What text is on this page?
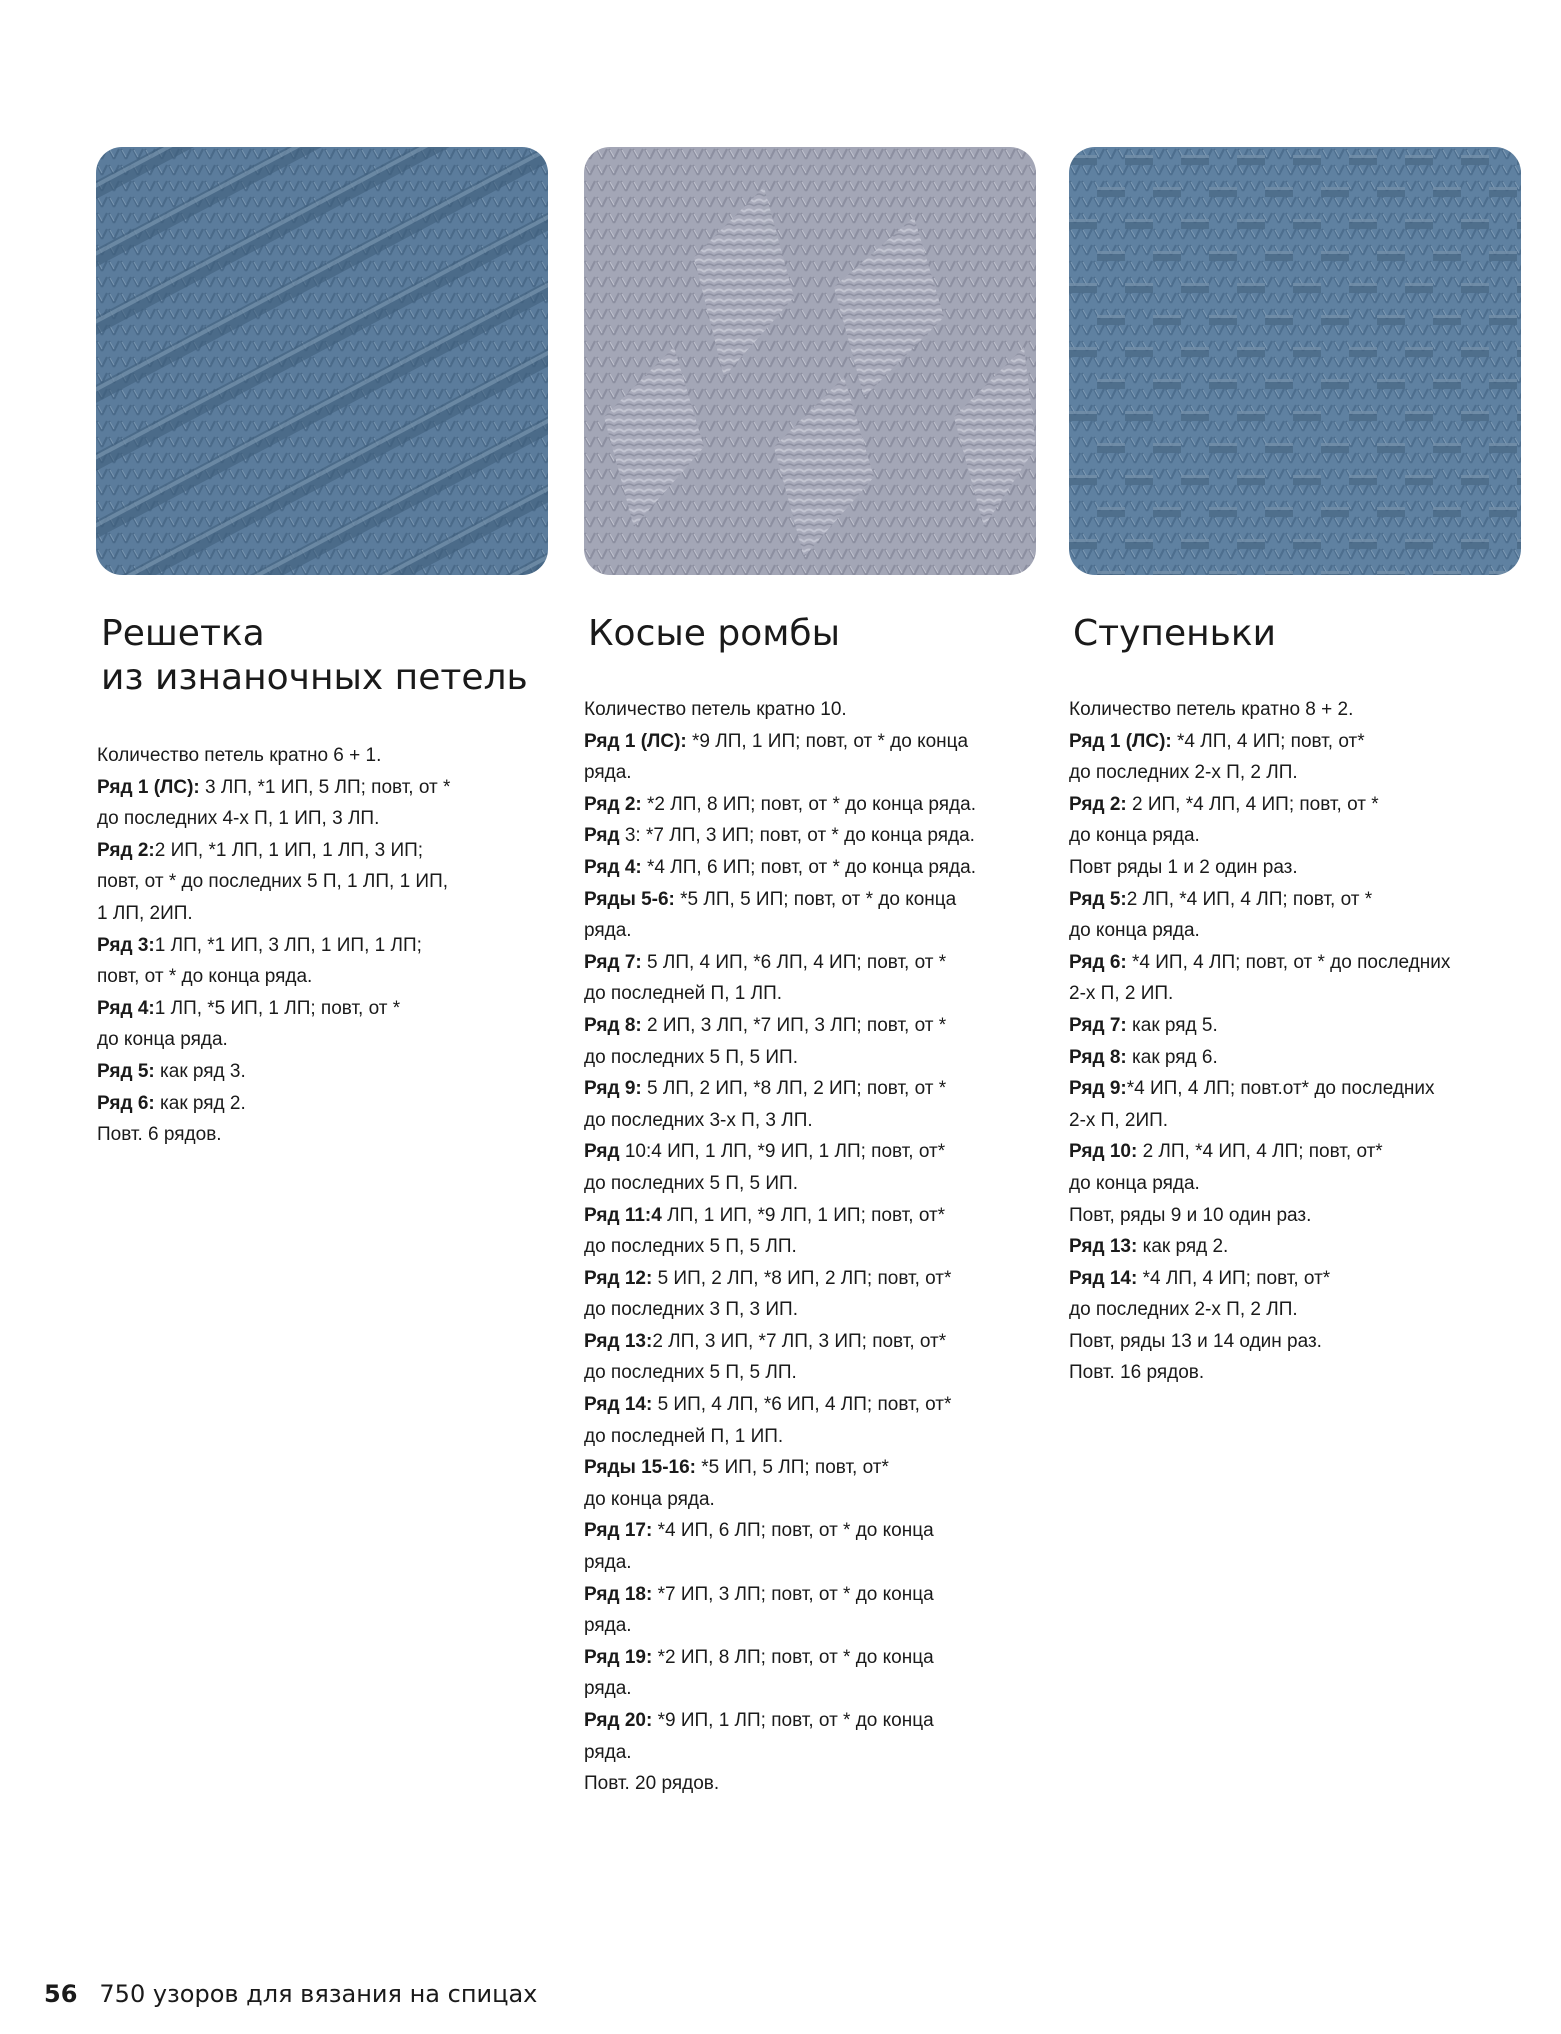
Решетка
из изнаночных петель
Количество петель кратно 6 + 1.
Ряд 1 (ЛС): 3 ЛП, *1 ИП, 5 ЛП; повт, от *
до последних 4-х П, 1 ИП, 3 ЛП.
Ряд 2:2 ИП, *1 ЛП, 1 ИП, 1 ЛП, 3 ИП;
повт, от * до последних 5 П, 1 ЛП, 1 ИП,
1 ЛП, 2ИП.
Ряд 3:1 ЛП, *1 ИП, 3 ЛП, 1 ИП, 1 ЛП;
повт, от * до конца ряда.
Ряд 4:1 ЛП, *5 ИП, 1 ЛП; повт, от *
до конца ряда.
Ряд 5: как ряд 3.
Ряд 6: как ряд 2.
Повт. 6 рядов.
Косые ромбы
Количество петель кратно 10.
Ряд 1 (ЛС): *9 ЛП, 1 ИП; повт, от * до конца
ряда.
Ряд 2: *2 ЛП, 8 ИП; повт, от * до конца ряда.
Ряд 3: *7 ЛП, 3 ИП; повт, от * до конца ряда.
Ряд 4: *4 ЛП, 6 ИП; повт, от * до конца ряда.
Ряды 5-6: *5 ЛП, 5 ИП; повт, от * до конца
ряда.
Ряд 7: 5 ЛП, 4 ИП, *6 ЛП, 4 ИП; повт, от *
до последней П, 1 ЛП.
Ряд 8: 2 ИП, 3 ЛП, *7 ИП, 3 ЛП; повт, от *
до последних 5 П, 5 ИП.
Ряд 9: 5 ЛП, 2 ИП, *8 ЛП, 2 ИП; повт, от *
до последних 3-х П, 3 ЛП.
Ряд 10:4 ИП, 1 ЛП, *9 ИП, 1 ЛП; повт, от*
до последних 5 П, 5 ИП.
Ряд 11:4 ЛП, 1 ИП, *9 ЛП, 1 ИП; повт, от*
до последних 5 П, 5 ЛП.
Ряд 12: 5 ИП, 2 ЛП, *8 ИП, 2 ЛП; повт, от*
до последних 3 П, 3 ИП.
Ряд 13:2 ЛП, 3 ИП, *7 ЛП, 3 ИП; повт, от*
до последних 5 П, 5 ЛП.
Ряд 14: 5 ИП, 4 ЛП, *6 ИП, 4 ЛП; повт, от*
до последней П, 1 ИП.
Ряды 15-16: *5 ИП, 5 ЛП; повт, от*
до конца ряда.
Ряд 17: *4 ИП, 6 ЛП; повт, от * до конца
ряда.
Ряд 18: *7 ИП, 3 ЛП; повт, от * до конца
ряда.
Ряд 19: *2 ИП, 8 ЛП; повт, от * до конца
ряда.
Ряд 20: *9 ИП, 1 ЛП; повт, от * до конца
ряда.
Повт. 20 рядов.
Ступеньки
Количество петель кратно 8 + 2.
Ряд 1 (ЛС): *4 ЛП, 4 ИП; повт, от*
до последних 2-х П, 2 ЛП.
Ряд 2: 2 ИП, *4 ЛП, 4 ИП; повт, от *
до конца ряда.
Повт ряды 1 и 2 один раз.
Ряд 5:2 ЛП, *4 ИП, 4 ЛП; повт, от *
до конца ряда.
Ряд 6: *4 ИП, 4 ЛП; повт, от * до последних
2-х П, 2 ИП.
Ряд 7: как ряд 5.
Ряд 8: как ряд 6.
Ряд 9:*4 ИП, 4 ЛП; повт.от* до последних
2-х П, 2ИП.
Ряд 10: 2 ЛП, *4 ИП, 4 ЛП; повт, от*
до конца ряда.
Повт, ряды 9 и 10 один раз.
Ряд 13: как ряд 2.
Ряд 14: *4 ЛП, 4 ИП; повт, от*
до последних 2-х П, 2 ЛП.
Повт, ряды 13 и 14 один раз.
Повт. 16 рядов.
56 750 узоров для вязания на спицах
